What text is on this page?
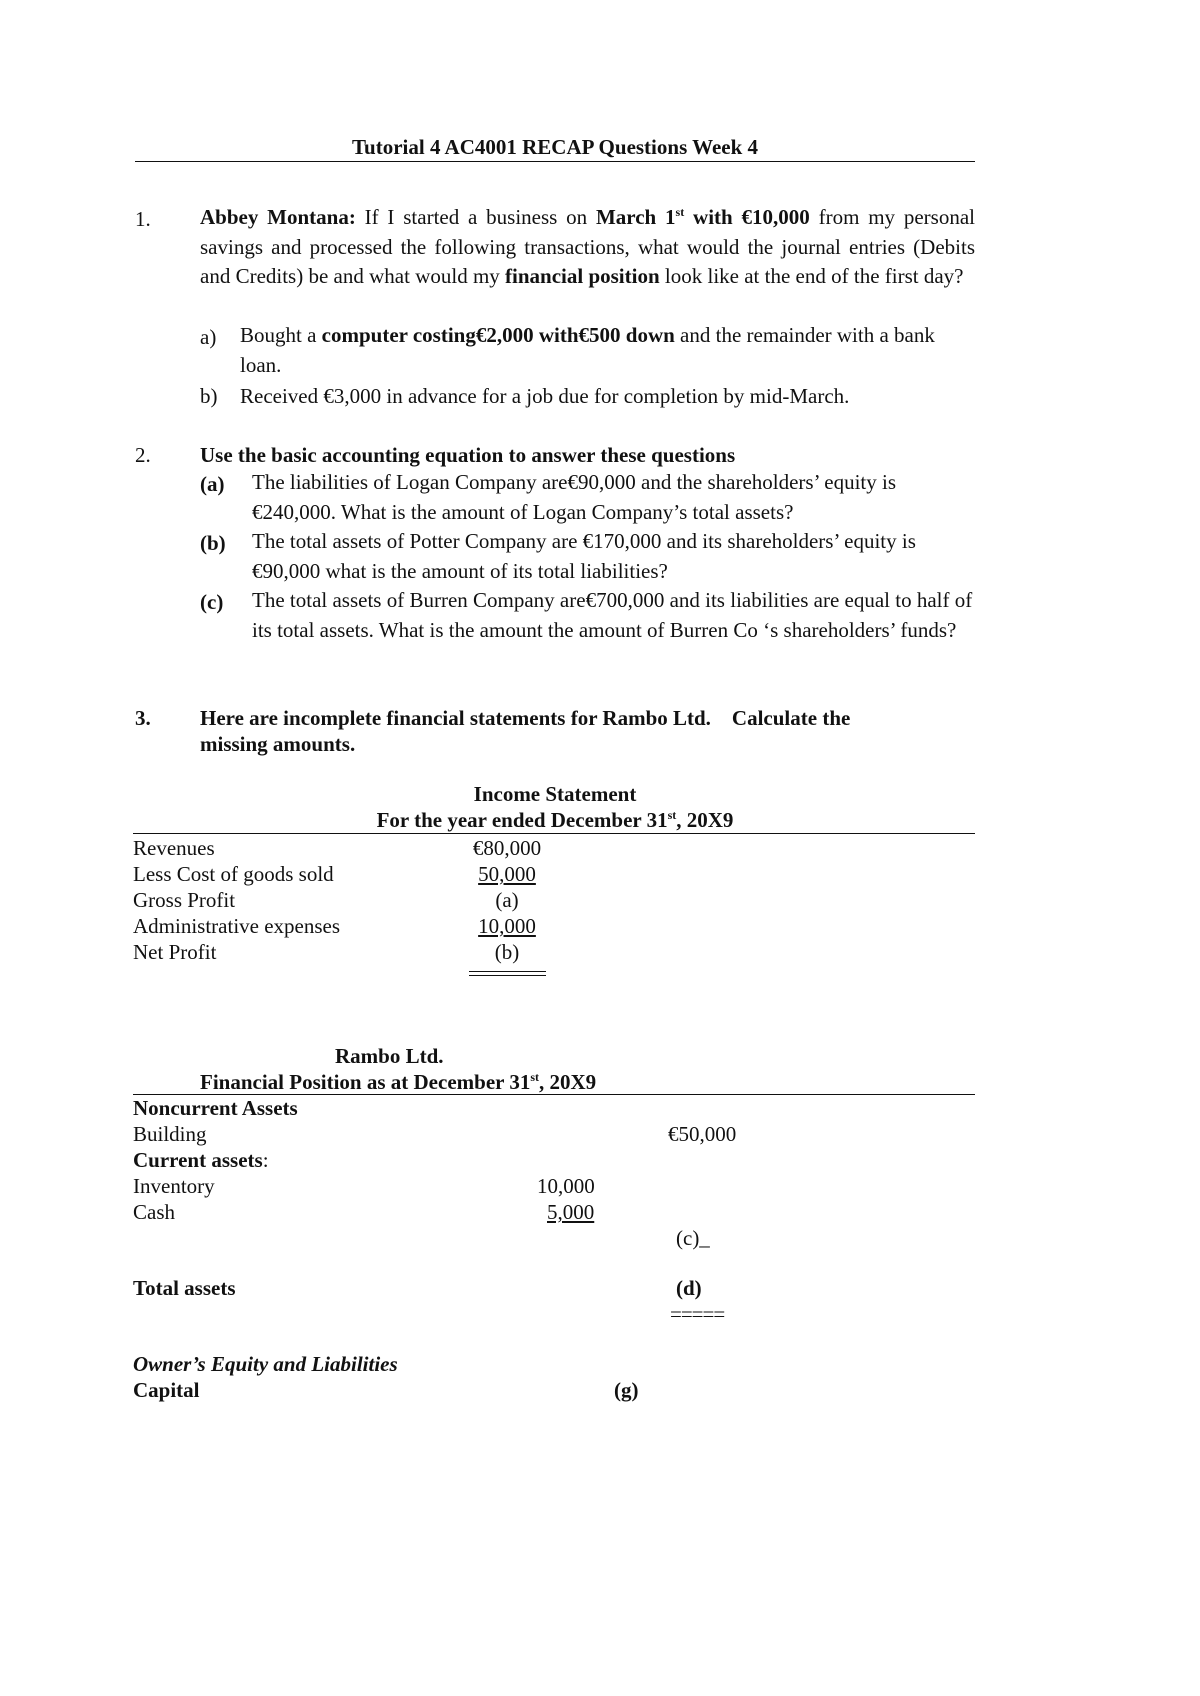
Tutorial 4 AC4001 RECAP Questions Week 4
1. Abbey Montana: If I started a business on March 1st with €10,000 from my personal savings and processed the following transactions, what would the journal entries (Debits and Credits) be and what would my financial position look like at the end of the first day?
a) Bought a computer costing€2,000 with€500 down and the remainder with a bank loan.
b) Received €3,000 in advance for a job due for completion by mid-March.
2. Use the basic accounting equation to answer these questions
(a) The liabilities of Logan Company are€90,000 and the shareholders’ equity is €240,000. What is the amount of Logan Company’s total assets?
(b) The total assets of Potter Company are €170,000 and its shareholders’ equity is €90,000 what is the amount of its total liabilities?
(c) The total assets of Burren Company are€700,000 and its liabilities are equal to half of its total assets. What is the amount the amount of Burren Co ‘s shareholders’ funds?
3. Here are incomplete financial statements for Rambo Ltd.    Calculate the
missing amounts.
Income Statement
For the year ended December 31st, 20X9
Revenues	€80,000
Less Cost of goods sold	50,000
Gross Profit	(a)
Administrative expenses	10,000
Net Profit	(b)
Rambo Ltd.
Financial Position as at December 31st, 20X9
Noncurrent Assets
Building	€50,000
Current assets:
Inventory	10,000
Cash	5,000
(c)_
Total assets	(d)
=====
Owner’s Equity and Liabilities
Capital	(g)
